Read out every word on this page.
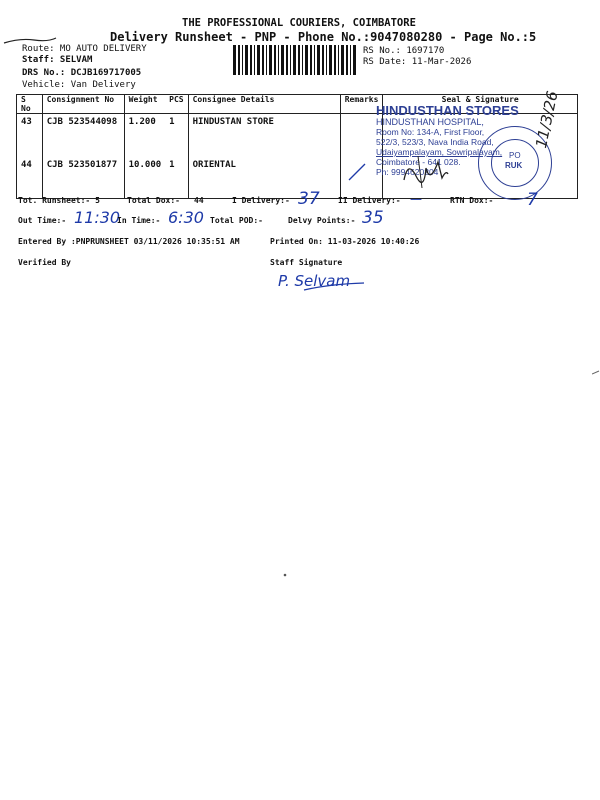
THE PROFESSIONAL COURIERS, COIMBATORE
Delivery Runsheet - PNP - Phone No.:9047080280 - Page No.:5
Route: MO AUTO DELIVERY
Staff: SELVAM
DRS No.: DCJB169717005
Vehicle: Van Delivery
RS No.: 1697170
RS Date: 11-Mar-2026
S No	Consignment No	Weight	PCS	Consignee Details	Remarks	Seal & Signature
43	CJB 523544098	1.200	1	HINDUSTAN STORE		
44	CJB 523501877	10.000	1	ORIENTAL		
HINDUSTHAN STORES
HINDUSTHAN HOSPITAL,
Room No: 134-A, First Floor,
522/3, 523/3, Nava India Road,
Udaiyampalayam, Sowripalayam,
Coimbatore - 641 028.
Ph: 9994620204
PO
RUK
11/3/26
Tot. Runsheet:- 5	Total Dox:- 44	I Delivery:- 37 II Delivery:- —	RTN Dox:- 7
Out Time:- 11:30
In Time:- 6:30 Total POD:-	Delvy Points:- 35
Entered By :PNPRUNSHEET 03/11/2026 10:35:51 AM	Printed On: 11-03-2026 10:40:26
Verified By	Staff Signature
P. Selvam
